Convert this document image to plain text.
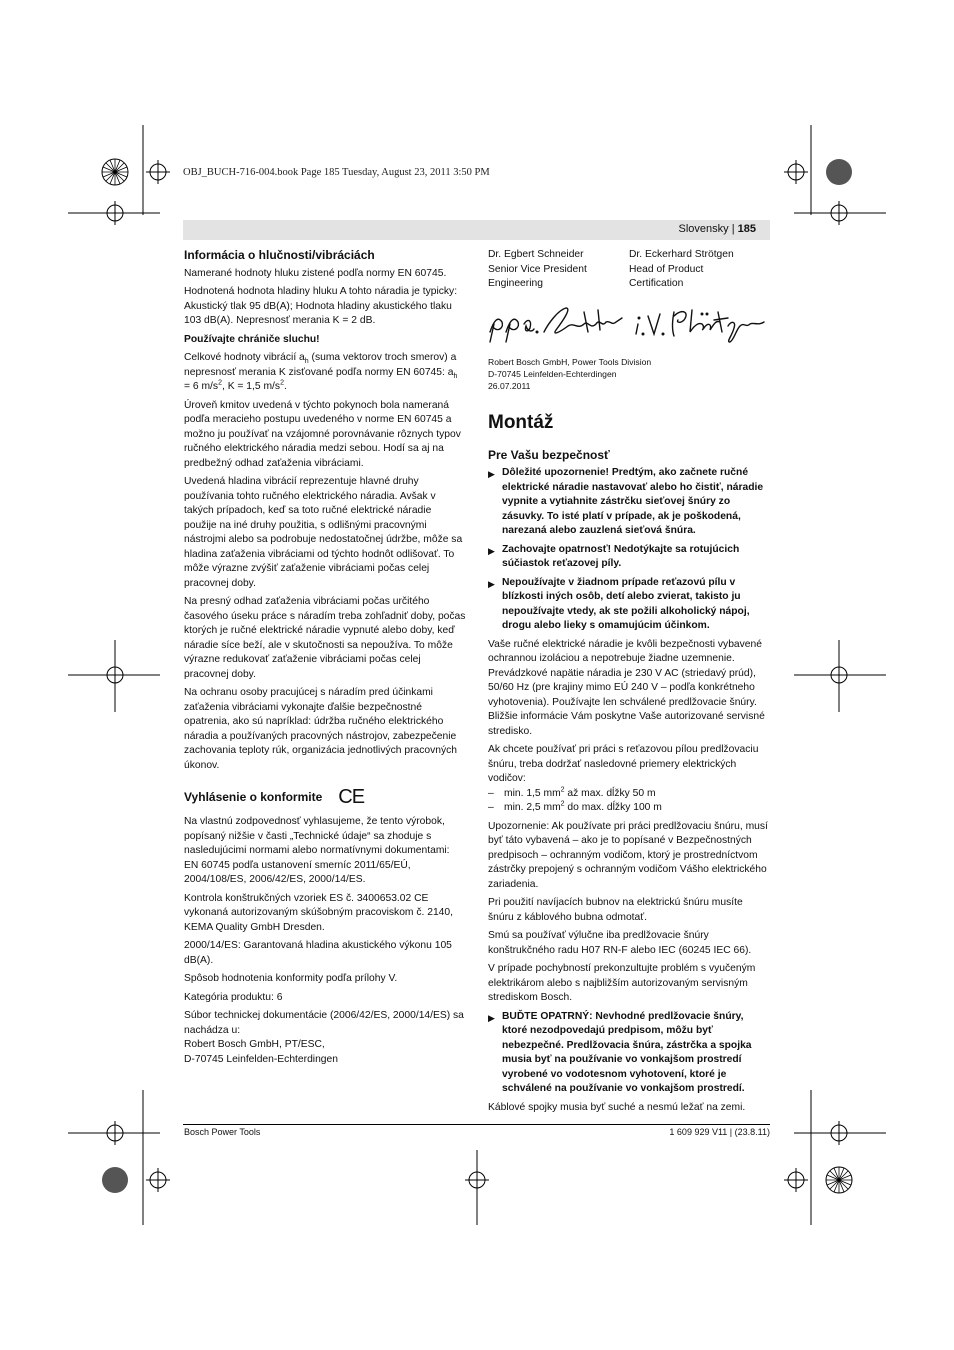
OBJ_BUCH-716-004.book Page 185 Tuesday, August 23, 2011 3:50 PM
Slovensky | 185
Informácia o hlučnosti/vibráciách

Namerané hodnoty hluku zistené podľa normy EN 60745.

Hodnotená hodnota hladiny hluku A tohto náradia je typicky: Akustický tlak 95 dB(A); Hodnota hladiny akustického tlaku 103 dB(A). Nepresnosť merania K = 2 dB.

Používajte chrániče sluchu!

Celkové hodnoty vibrácií $a_h$ (suma vektorov troch smerov) a nepresnosť merania K zisťované podľa normy EN 60745: $a_h = 6$ $m/s^2$, K = 1,5 $m/s^2$.

Úroveň kmitov uvedená v týchto pokynoch bola nameraná podľa meracieho postupu uvedeného v norme EN 60745 a možno ju používať na vzájomné porovnávanie rôznych typov ručného elektrického náradia medzi sebou. Hodí sa aj na predbežný odhad zaťaženia vibráciami.

Uvedená hladina vibrácií reprezentuje hlavné druhy používania tohto ručného elektrického náradia. Avšak v takých prípadoch, keď sa toto ručné elektrické náradie použije na iné druhy použitia, s odlišnými pracovnými nástrojmi alebo sa podrobuje nedostatočnej údržbe, môže sa hladina zaťaženia vibráciami od týchto hodnôt odlišovať. To môže výrazne zvýšiť zaťaženie vibráciami počas celej pracovnej doby.

Na presný odhad zaťaženia vibráciami počas určitého časového úseku práce s náradím treba zohľadniť doby, počas ktorých je ručné elektrické náradie vypnuté alebo doby, keď náradie síce beží, ale v skutočnosti sa nepoužíva. To môže výrazne redukovať zaťaženie vibráciami počas celej pracovnej doby.

Na ochranu osoby pracujúcej s náradím pred účinkami zaťaženia vibráciami vykonajte ďalšie bezpečnostné opatrenia, ako sú napríklad: údržba ručného elektrického náradia a používaných pracovných nástrojov, zabezpečenie zachovania teploty rúk, organizácia jednotlivých pracovných úkonov.

Vyhlásenie o konformite CE

Na vlastnú zodpovednosť vyhlasujeme, že tento výrobok, popísaný nižšie v časti „Technické údaje“ sa zhoduje s nasledujúcimi normami alebo normatívnymi dokumentami: EN 60745 podľa ustanovení smerníc 2011/65/EÚ, 2004/108/ES, 2006/42/ES, 2000/14/ES.

Kontrola konštrukčných vzoriek ES č. 3400653.02 CE vykonaná autorizovaným skúšobným pracoviskom č. 2140, KEMA Quality GmbH Dresden.

2000/14/ES: Garantovaná hladina akustického výkonu 105 dB(A).

Spôsob hodnotenia konformity podľa prílohy V.

Kategória produktu: 6

Súbor technickej dokumentácie (2006/42/ES, 2000/14/ES) sa nachádza u:

Robert Bosch GmbH, PT/ESC,

D-70745 Leinfelden-Echterdingen

Dr. Egbert Schneider
Senior Vice President
Engineering
Dr. Eckerhard Strötgen
Head of Product
Certification
ppa.	i.V.
Robert Bosch GmbH, Power Tools Division
D-70745 Leinfelden-Echterdingen
26.07.2011
Montáž
Pre Vašu bezpečnosť
▶ Dôležité upozornenie! Predtým, ako začnete ručné elektrické náradie nastavovať alebo ho čistiť, náradie vypnite a vytiahnite zástrčku sieťovej šnúry zo zásuvky. To isté platí v prípade, ak je poškodená, narezaná alebo zauzlená sieťová šnúra.
▶ Zachovajte opatrnosť! Nedotýkajte sa rotujúcich súčiastok reťazovej píly.
▶ Nepoužívajte v žiadnom prípade reťazovú pílu v blízkosti iných osôb, detí alebo zvierat, takisto ju nepoužívajte vtedy, ak ste požili alkoholický nápoj, drogu alebo lieky s omamujúcim účinkom.

Vaše ručné elektrické náradie je kvôli bezpečnosti vybavené ochrannou izoláciou a nepotrebuje žiadne uzemnenie. Prevádzkové napätie náradia je 230 V AC (striedavý prúd), 50/60 Hz (pre krajiny mimo EÚ 240 V – podľa konkrétneho vyhotovenia). Používajte len schválené predlžovacie šnúry. Bližšie informácie Vám poskytne Vaše autorizované servisné stredisko.

Ak chcete používať pri práci s reťazovou pílou predlžovaciu šnúru, treba dodržať nasledovné priemery elektrických vodičov:

– min. 1,5 $mm^2$ až max. dĺžky 50 m
– min. 2,5 $mm^2$ do max. dĺžky 100 m

Upozornenie: Ak používate pri práci predlžovaciu šnúru, musí byť táto vybavená – ako je to popísané v Bezpečnostných predpisoch – ochranným vodičom, ktorý je prostredníctvom zástrčky prepojený s ochranným vodičom Vášho elektrického zariadenia.

Pri použití navíjacích bubnov na elektrickú šnúru musíte šnúru z káblového bubna odmotať.

Smú sa používať výlučne iba predlžovacie šnúry konštrukčného radu H07 RN-F alebo IEC (60245 IEC 66).

V prípade pochybností prekonzultujte problém s vyučeným elektrikárom alebo s najbližším autorizovaným servisným strediskom Bosch.

▶ BUĎTE OPATRNÝ: Nevhodné predlžovacie šnúry, ktoré nezodpovedajú predpisom, môžu byť nebezpečné. Predlžovacia šnúra, zástrčka a spojka musia byť na používanie vo vonkajšom prostredí vyrobené vo vodotesnom vyhotovení, ktoré je schválené na používanie vo vonkajšom prostredí.

Káblové spojky musia byť suché a nesmú ležať na zemi.

Bosch Power Tools	1 609 929 V11 | (23.8.11)
